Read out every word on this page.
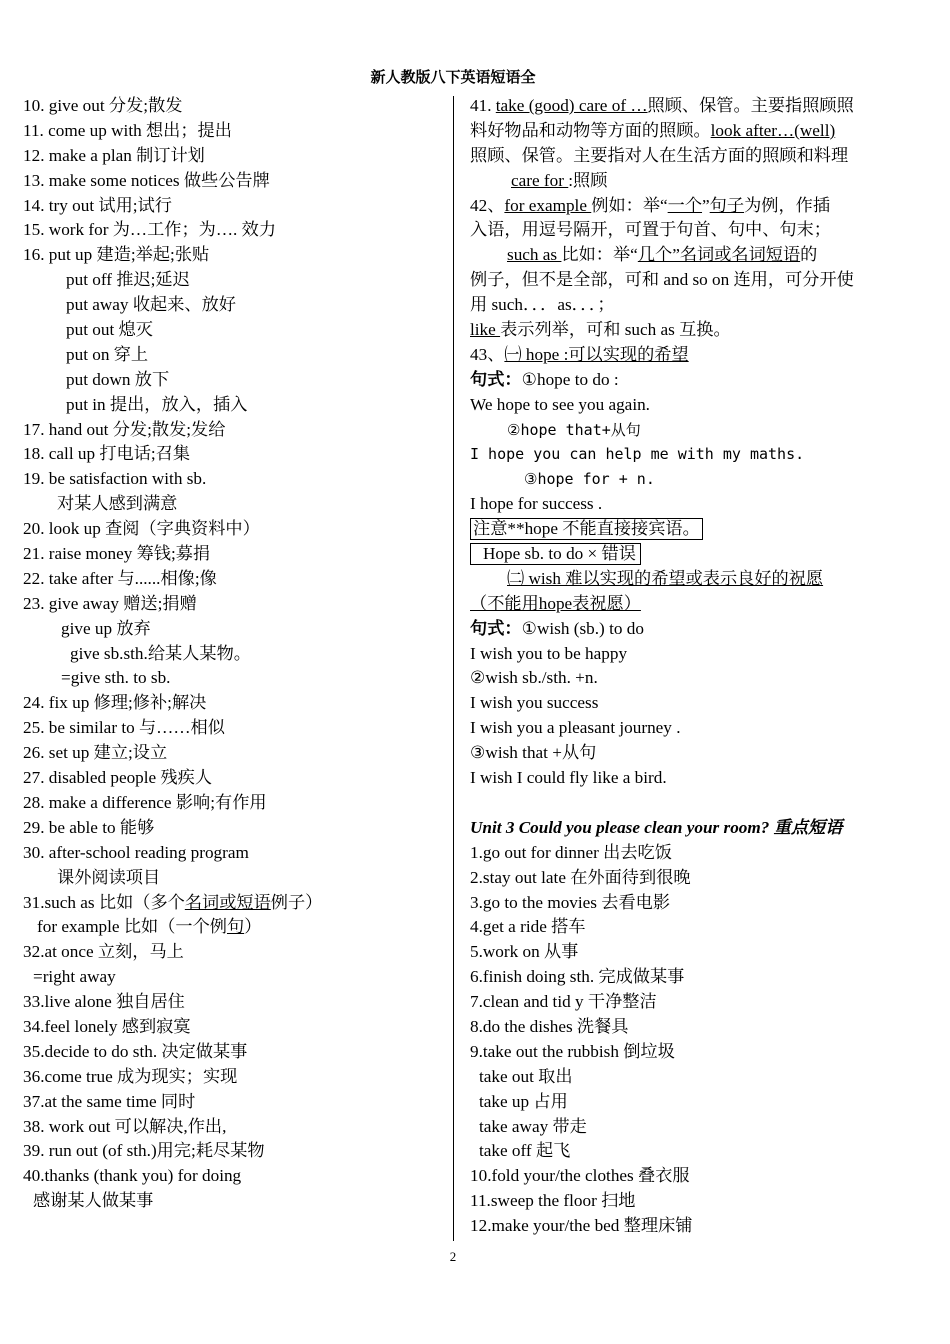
新人教版八下英语短语全
10. give out 分发;散发
11. come up with 想出；提出
12. make a plan 制订计划
13. make some notices 做些公告牌
14. try out 试用;试行
15. work for 为…工作；为…. 效力
16. put up 建造;举起;张贴
put off 推迟;延迟
put away 收起来、放好
put out 熄灭
put on 穿上
put down 放下
put in 提出，放入，插入
17. hand out 分发;散发;发给
18. call up 打电话;召集
19. be satisfaction with sb.
对某人感到满意
20. look up 查阅（字典资料中）
21. raise money 筹钱;募捐
22. take after 与......相像;像
23. give away 赠送;捐赠
give up 放弃
give sb.sth.给某人某物。
=give sth. to sb.
24. fix up 修理;修补;解决
25. be similar to 与……相似
26. set up 建立;设立
27. disabled people 残疾人
28. make a difference 影响;有作用
29. be able to 能够
30. after-school reading program
课外阅读项目
31.such as 比如（多个名词或短语例子）
for example 比如（一个例句）
32.at once 立刻，马上
=right away
33.live alone 独自居住
34.feel lonely 感到寂寞
35.decide to do sth. 决定做某事
36.come true 成为现实；实现
37.at the same time 同时
38. work out 可以解决,作出,
39. run out (of sth.)用完;耗尽某物
40.thanks (thank you) for doing
感谢某人做某事
41. take (good) care of …照顾、保管。主要指照顾照
料好物品和动物等方面的照顾。look after…(well)
照顾、保管。主要指对人在生活方面的照顾和料理
care for :照顾
42、for example 例如：举“一个”句子为例，作插
入语，用逗号隔开，可置于句首、句中、句末；
such as 比如：举“几个”名词或名词短语的
例子，但不是全部，可和 and so on 连用，可分开使
用 such．．．as．．．；
like 表示列举，可和 such as 互换。
43、㈠ hope :可以实现的希望
句式：①hope to do :
We hope to see you again.
②hope that+从句
I hope you can help me with my maths.
③hope for + n.
I hope for success .
注意**hope 不能直接接宾语。
Hope sb. to do × 错误
㈡ wish 难以实现的希望或表示良好的祝愿
（不能用hope表祝愿）
句式：①wish (sb.) to do
I wish you to be happy
②wish sb./sth. +n.
I wish you success
I wish you a pleasant journey .
③wish that +从句
I wish I could fly like a bird.
Unit 3 Could you please clean your room? 重点短语
1.go out for dinner 出去吃饭
2.stay out late 在外面待到很晚
3.go to the movies 去看电影
4.get a ride 搭车
5.work on 从事
6.finish doing sth. 完成做某事
7.clean and tid y 干净整洁
8.do the dishes 洗餐具
9.take out the rubbish 倒垃圾
take out 取出
take up 占用
take away 带走
take off 起飞
10.fold your/the clothes 叠衣服
11.sweep the floor 扫地
12.make your/the bed 整理床铺
2
